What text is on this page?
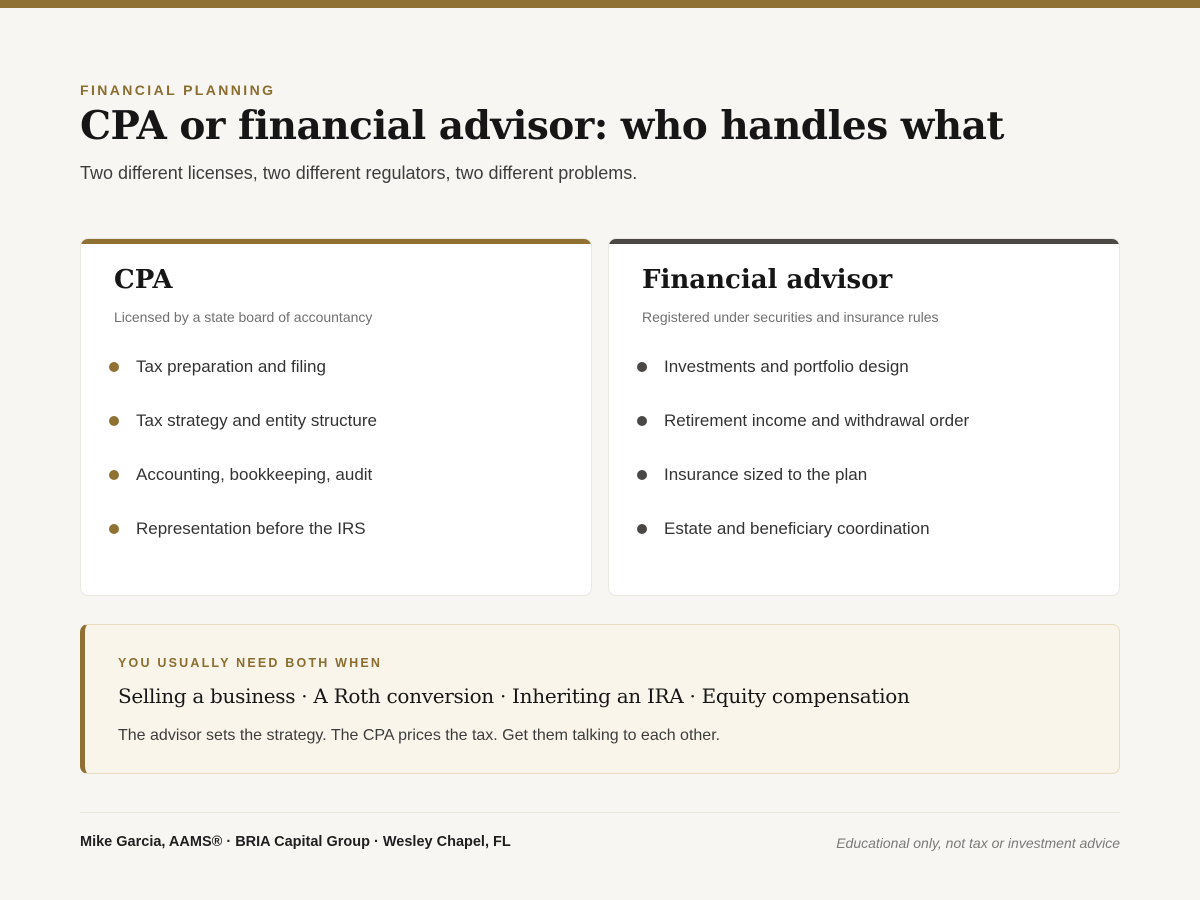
FINANCIAL PLANNING
CPA or financial advisor: who handles what

Two different licenses, two different regulators, two different problems.

CPA
Licensed by a state board of accountancy
Tax preparation and filing
Tax strategy and entity structure
Accounting, bookkeeping, audit
Representation before the IRS
Financial advisor
Registered under securities and insurance rules
Investments and portfolio design
Retirement income and withdrawal order
Insurance sized to the plan
Estate and beneficiary coordination
YOU USUALLY NEED BOTH WHEN
Selling a business · A Roth conversion · Inheriting an IRA · Equity compensation
The advisor sets the strategy. The CPA prices the tax. Get them talking to each other.
Mike Garcia, AAMS® · BRIA Capital Group · Wesley Chapel, FL	Educational only, not tax or investment advice
